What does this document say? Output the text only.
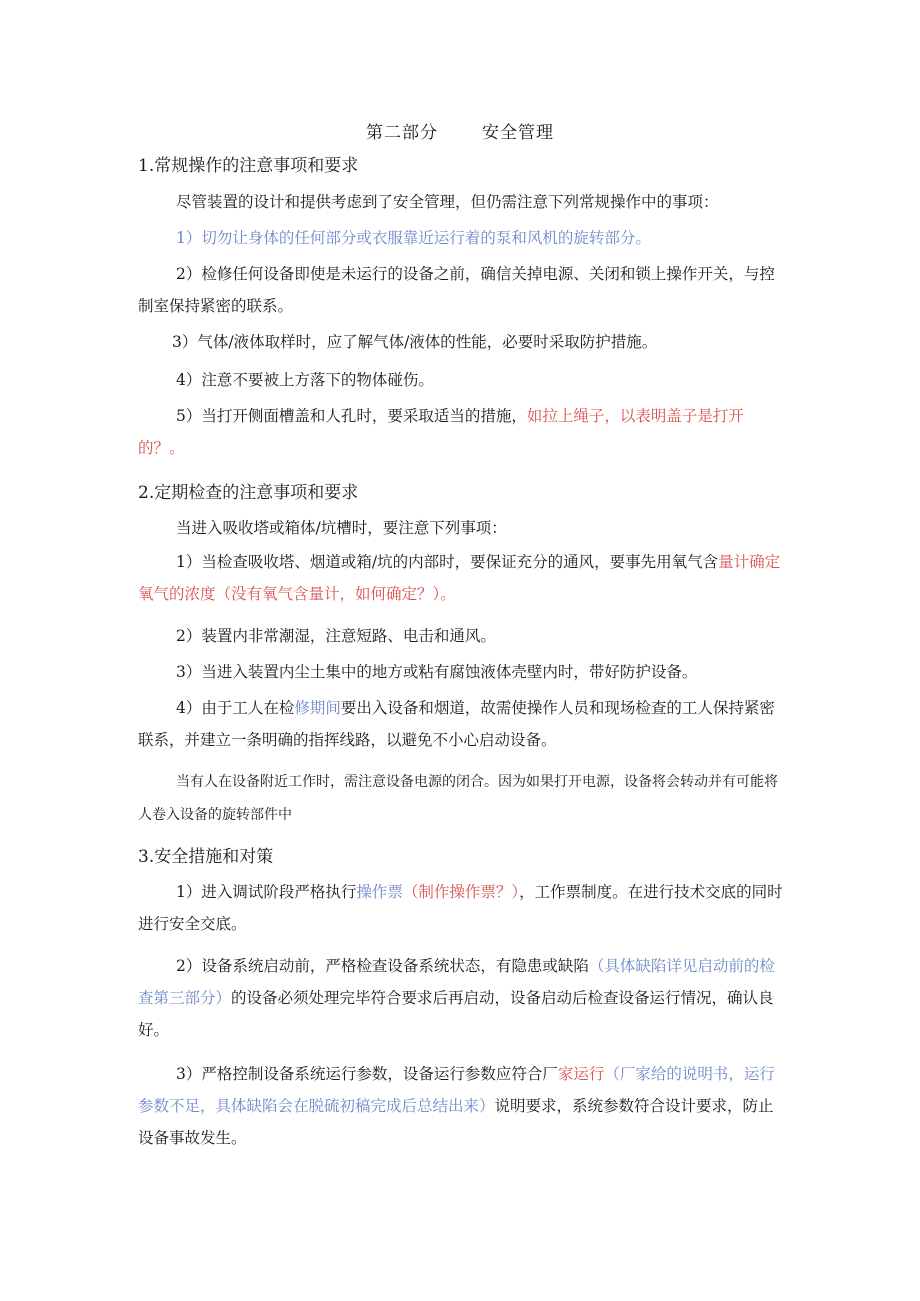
第二部分	安全管理
1.常规操作的注意事项和要求
尽管装置的设计和提供考虑到了安全管理，但仍需注意下列常规操作中的事项：
1）切勿让身体的任何部分或衣服靠近运行着的泵和风机的旋转部分。
2）检修任何设备即使是未运行的设备之前，确信关掉电源、关闭和锁上操作开关，与控制室保持紧密的联系。
3）气体/液体取样时，应了解气体/液体的性能，必要时采取防护措施。
4）注意不要被上方落下的物体碰伤。
5）当打开侧面槽盖和人孔时，要采取适当的措施，如拉上绳子，以表明盖子是打开的？。
2.定期检查的注意事项和要求
当进入吸收塔或箱体/坑槽时，要注意下列事项：
1）当检查吸收塔、烟道或箱/坑的内部时，要保证充分的通风，要事先用氧气含量计确定氧气的浓度（没有氧气含量计，如何确定？）。
2）装置内非常潮湿，注意短路、电击和通风。
3）当进入装置内尘土集中的地方或粘有腐蚀液体壳壁内时，带好防护设备。
4）由于工人在检修期间要出入设备和烟道，故需使操作人员和现场检查的工人保持紧密联系，并建立一条明确的指挥线路，以避免不小心启动设备。
当有人在设备附近工作时，需注意设备电源的闭合。因为如果打开电源，设备将会转动并有可能将人卷入设备的旋转部件中
3.安全措施和对策
1）进入调试阶段严格执行操作票（制作操作票？），工作票制度。在进行技术交底的同时进行安全交底。
2）设备系统启动前，严格检查设备系统状态，有隐患或缺陷（具体缺陷详见启动前的检查第三部分）的设备必须处理完毕符合要求后再启动，设备启动后检查设备运行情况，确认良好。
3）严格控制设备系统运行参数，设备运行参数应符合厂家运行（厂家给的说明书，运行参数不足，具体缺陷会在脱硫初稿完成后总结出来）说明要求，系统参数符合设计要求，防止设备事故发生。
